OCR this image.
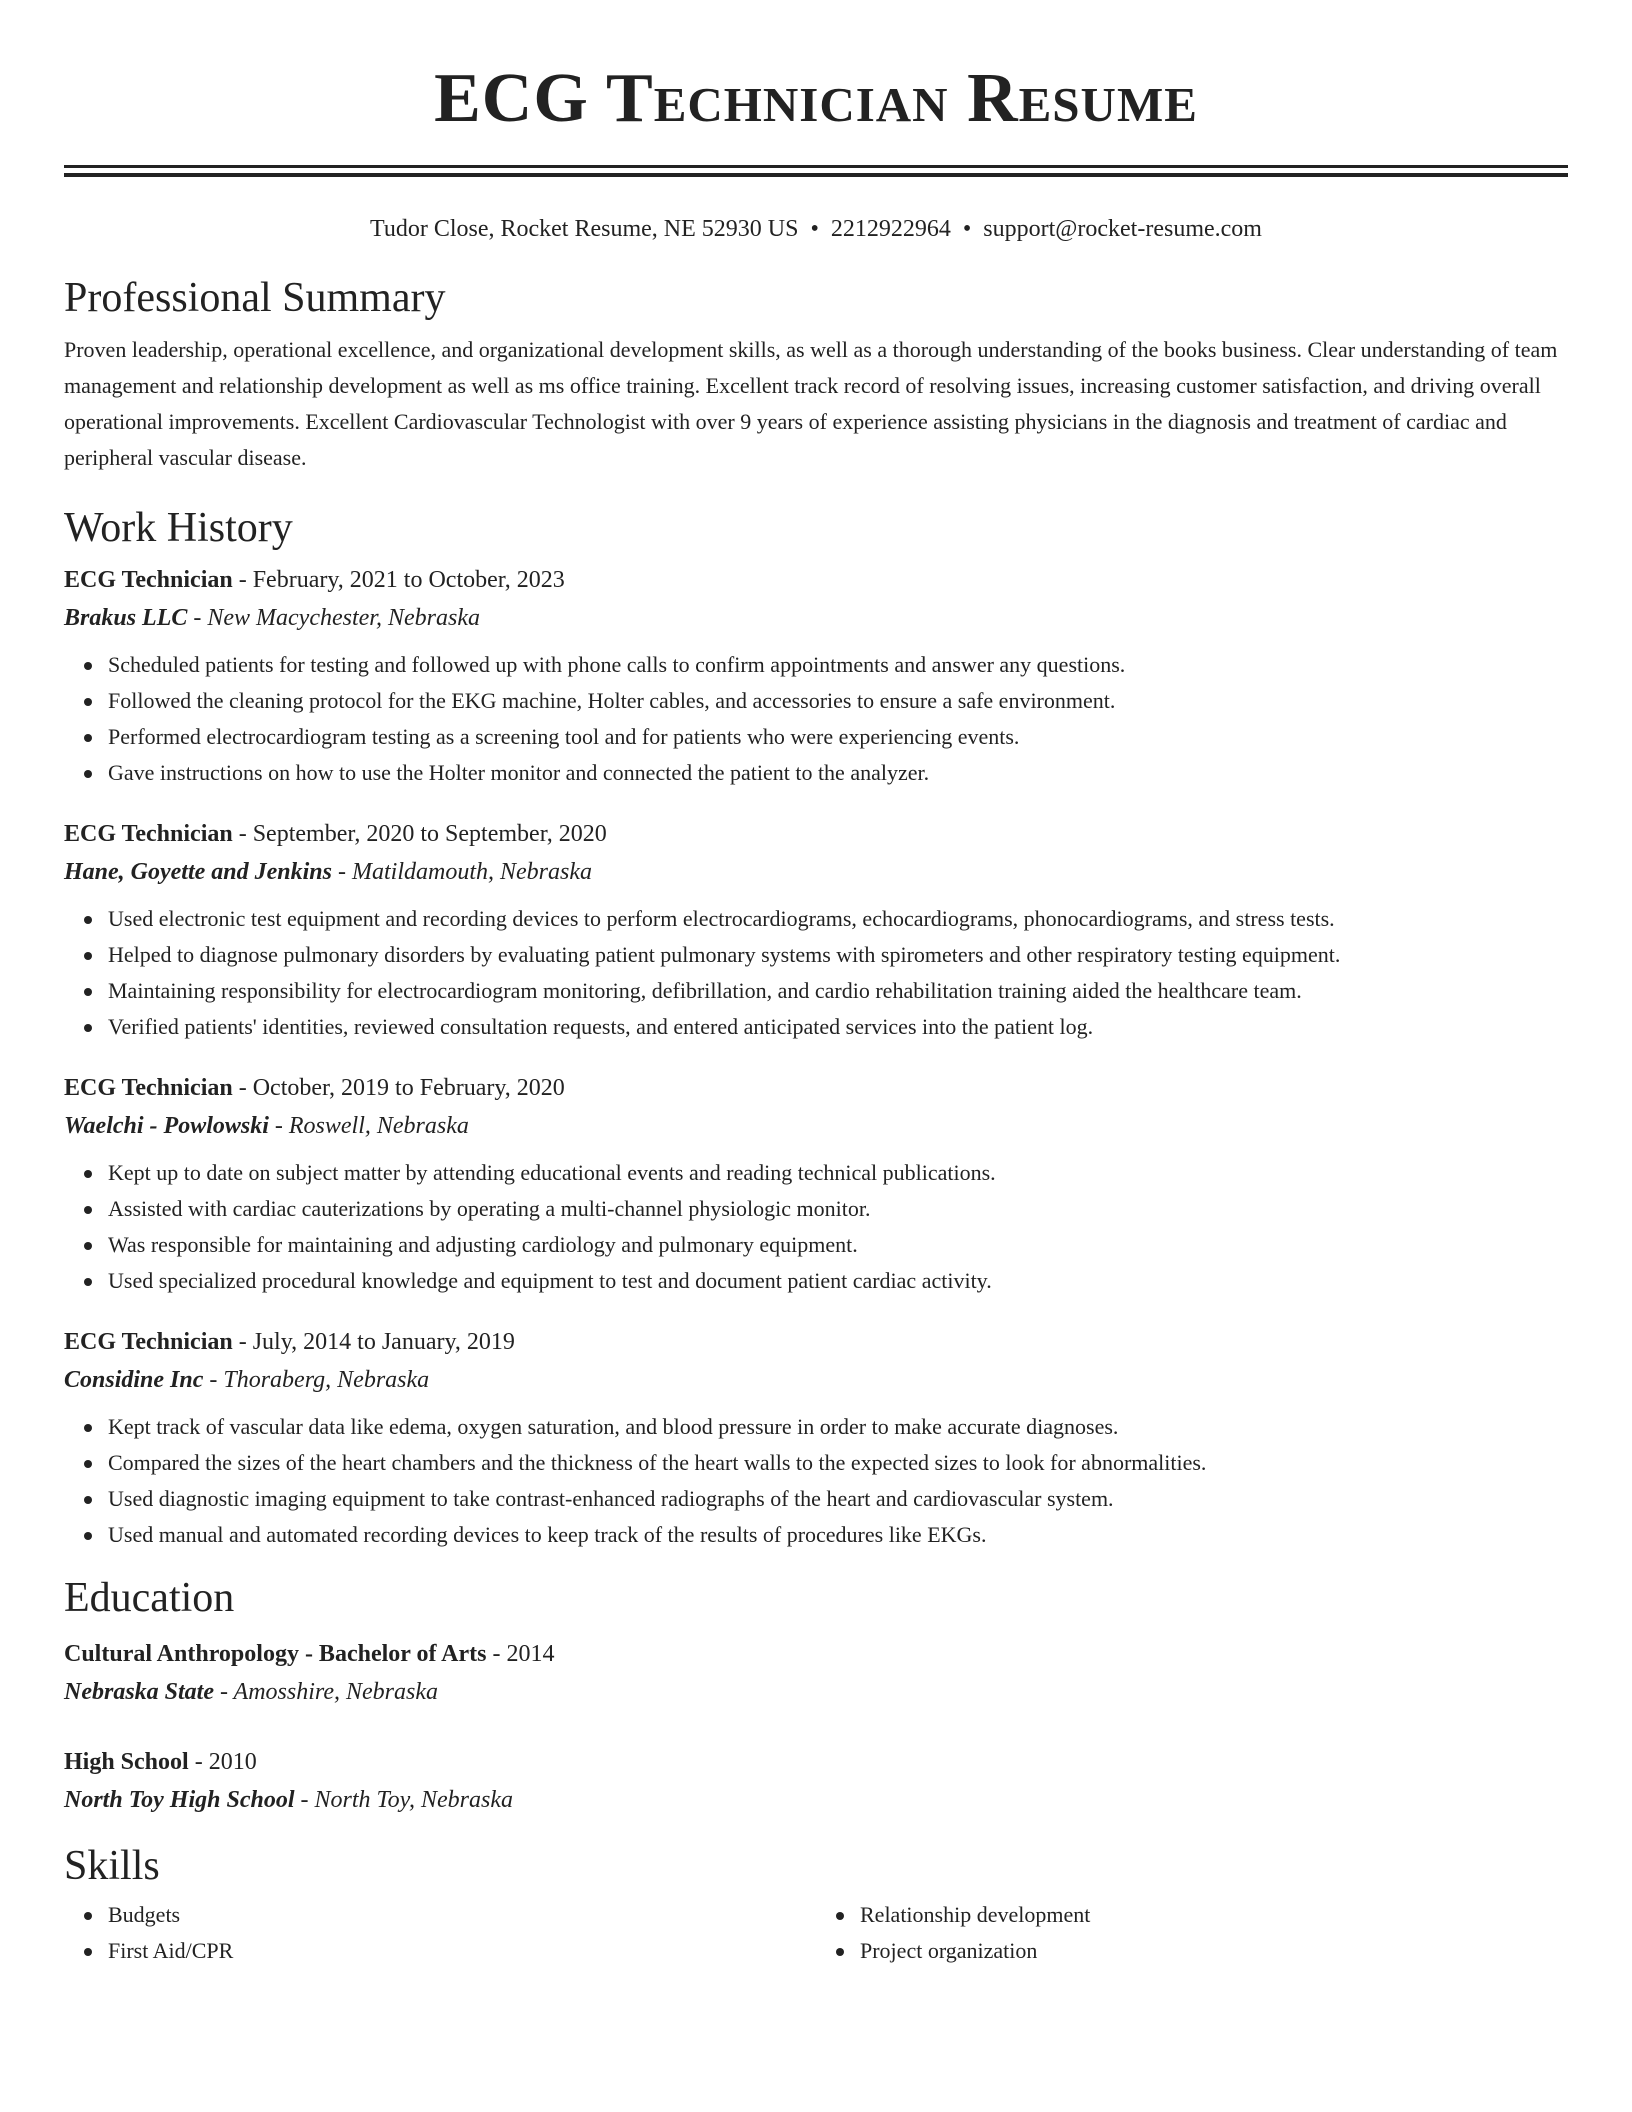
ECG Technician Resume
Tudor Close, Rocket Resume, NE 52930 US • 2212922964 • support@rocket-resume.com
Professional Summary

Proven leadership, operational excellence, and organizational development skills, as well as a thorough understanding of the books business. Clear understanding of team management and relationship development as well as ms office training. Excellent track record of resolving issues, increasing customer satisfaction, and driving overall operational improvements. Excellent Cardiovascular Technologist with over 9 years of experience assisting physicians in the diagnosis and treatment of cardiac and peripheral vascular disease.

Work History
ECG Technician - February, 2021 to October, 2023
Brakus LLC - New Macychester, Nebraska
Scheduled patients for testing and followed up with phone calls to confirm appointments and answer any questions.
Followed the cleaning protocol for the EKG machine, Holter cables, and accessories to ensure a safe environment.
Performed electrocardiogram testing as a screening tool and for patients who were experiencing events.
Gave instructions on how to use the Holter monitor and connected the patient to the analyzer.
ECG Technician - September, 2020 to September, 2020
Hane, Goyette and Jenkins - Matildamouth, Nebraska
Used electronic test equipment and recording devices to perform electrocardiograms, echocardiograms, phonocardiograms, and stress tests.
Helped to diagnose pulmonary disorders by evaluating patient pulmonary systems with spirometers and other respiratory testing equipment.
Maintaining responsibility for electrocardiogram monitoring, defibrillation, and cardio rehabilitation training aided the healthcare team.
Verified patients' identities, reviewed consultation requests, and entered anticipated services into the patient log.
ECG Technician - October, 2019 to February, 2020
Waelchi - Powlowski - Roswell, Nebraska
Kept up to date on subject matter by attending educational events and reading technical publications.
Assisted with cardiac cauterizations by operating a multi-channel physiologic monitor.
Was responsible for maintaining and adjusting cardiology and pulmonary equipment.
Used specialized procedural knowledge and equipment to test and document patient cardiac activity.
ECG Technician - July, 2014 to January, 2019
Considine Inc - Thoraberg, Nebraska
Kept track of vascular data like edema, oxygen saturation, and blood pressure in order to make accurate diagnoses.
Compared the sizes of the heart chambers and the thickness of the heart walls to the expected sizes to look for abnormalities.
Used diagnostic imaging equipment to take contrast-enhanced radiographs of the heart and cardiovascular system.
Used manual and automated recording devices to keep track of the results of procedures like EKGs.
Education
Cultural Anthropology - Bachelor of Arts - 2014
Nebraska State - Amosshire, Nebraska
High School - 2010
North Toy High School - North Toy, Nebraska
Skills
Budgets
First Aid/CPR
Relationship development
Project organization
